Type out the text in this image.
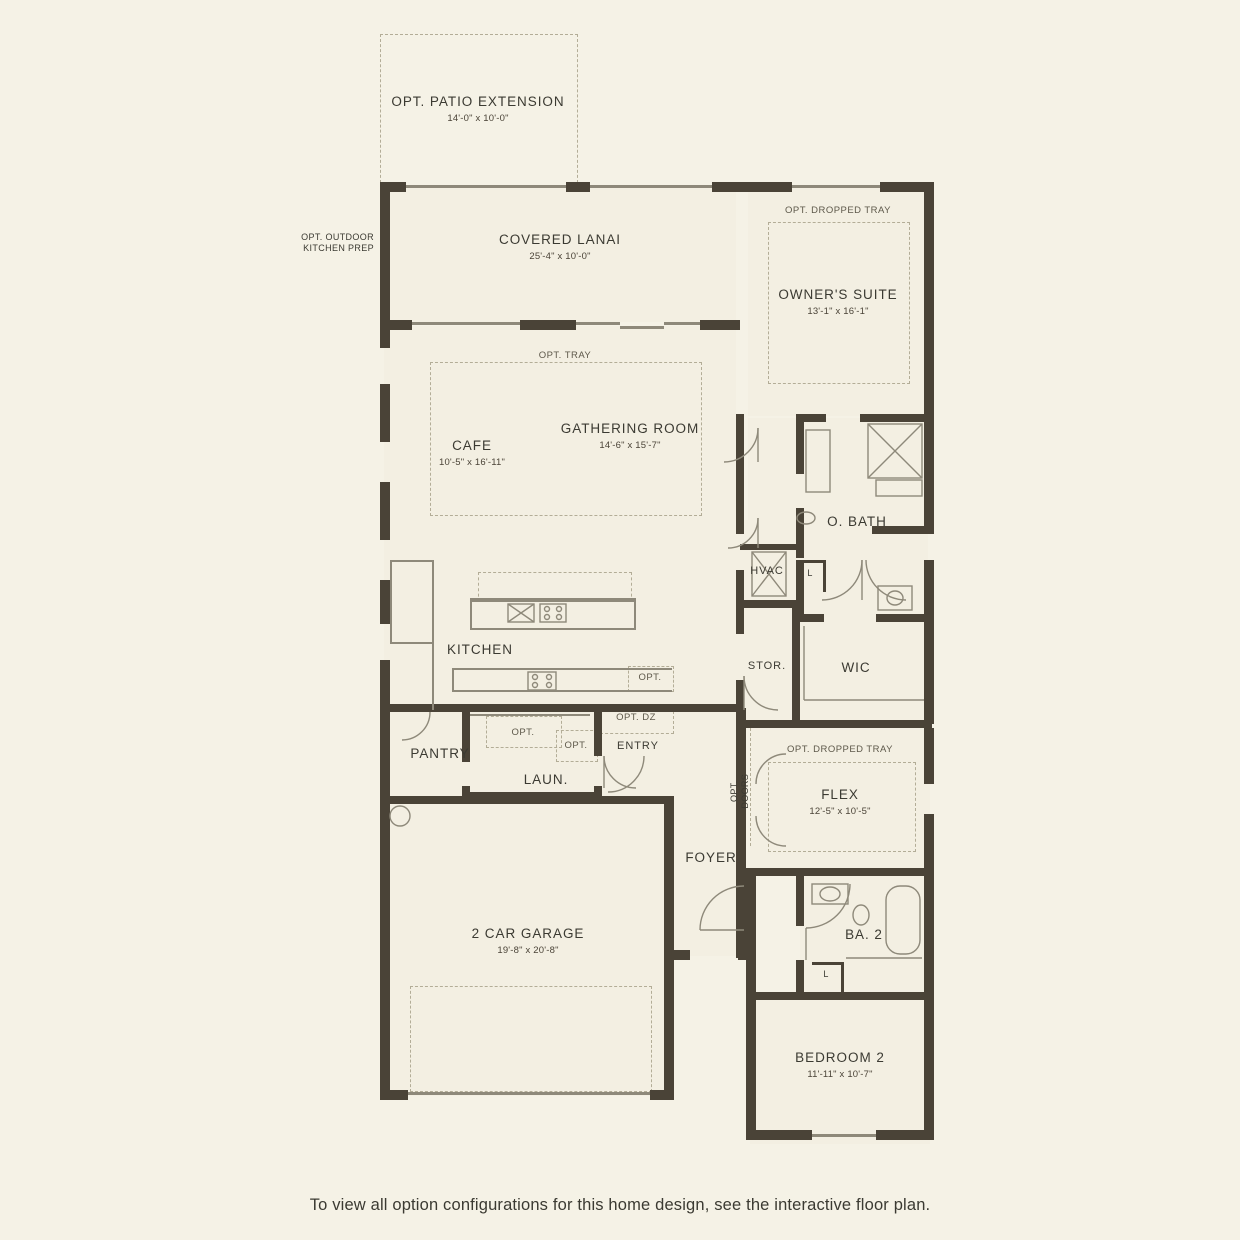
OPT. PATIO EXTENSION
14'-0" x 10'-0"
COVERED LANAI
25'-4" x 10'-0"
OPT. OUTDOOR
KITCHEN PREP
OPT. DROPPED TRAY
OWNER'S SUITE
13'-1" x 16'-1"
OPT. TRAY
GATHERING ROOM
14'-6" x 15'-7"
CAFE
10'-5" x 16'-11"
KITCHEN
PANTRY
LAUN.
ENTRY
FOYER
2 CAR GARAGE
19'-8" x 20'-8"
O. BATH
WIC
HVAC
STOR.
OPT. DROPPED TRAY
FLEX
12'-5" x 10'-5"
BA. 2
BEDROOM 2
11'-11" x 10'-7"
OPT.
OPT.
OPT.
OPT. DZ
OPT. DOORS
L
L
To view all option configurations for this home design, see the interactive floor plan.
